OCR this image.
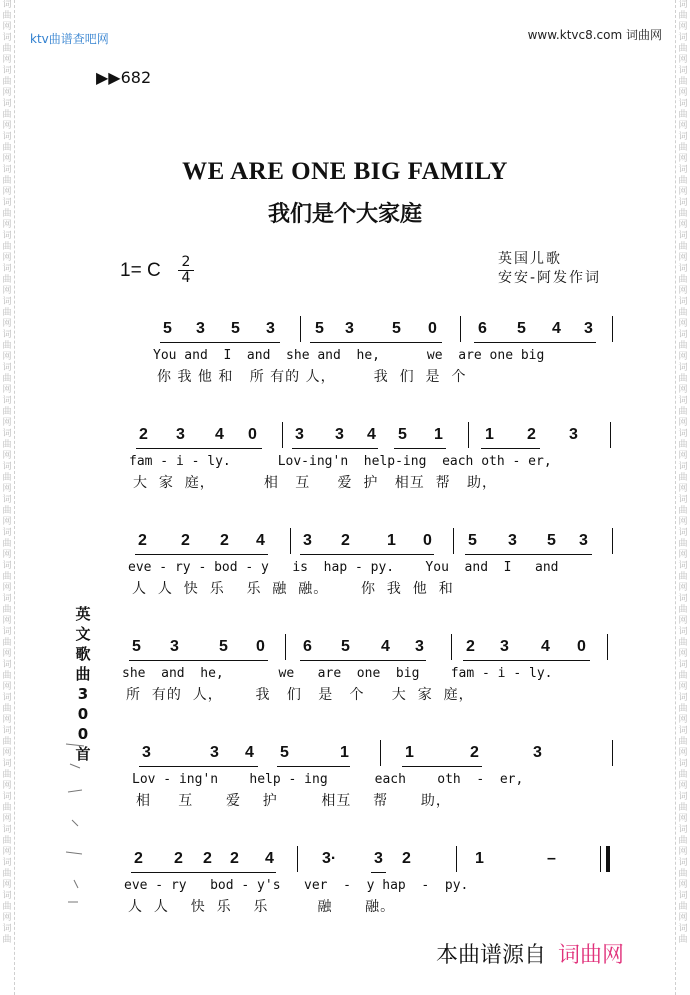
词
曲
网
词
曲
网
词
曲
网
词
曲
网
词
曲
网
词
曲
网
词
曲
网
词
曲
网
词
曲
网
词
曲
网
词
曲
网
词
曲
网
词
曲
网
词
曲
网
词
曲
网
词
曲
网
词
曲
网
词
曲
网
词
曲
网
词
曲
网
词
曲
网
词
曲
网
词
曲
网
词
曲
网
词
曲
网
词
曲
网
词
曲
网
词
曲
网
词
曲
词
曲
网
词
曲
网
词
曲
网
词
曲
网
词
曲
网
词
曲
网
词
曲
网
词
曲
网
词
曲
网
词
曲
网
词
曲
网
词
曲
网
词
曲
网
词
曲
网
词
曲
网
词
曲
网
词
曲
网
词
曲
网
词
曲
网
词
曲
网
词
曲
网
词
曲
网
词
曲
网
词
曲
网
词
曲
网
词
曲
网
词
曲
网
词
曲
网
词
曲
ktv曲谱查吧网	www.ktvc8.com 词曲网
▶▶682
WE ARE ONE BIG FAMILY
我们是个大家庭
1= C 2
4
英国儿歌
安安-阿发作词
英
文
歌
曲
3
0
0
首
5 3 5 3	5 3 5 0	6 5 4 3
You and  I  and  she and  he,      we  are one big
你 我 他 和   所 有的 人，       我  们  是  个
2 3 4 0 3 3 4 5 1	1 2 3
fam - i - ly.      Lov-ing'n  help-ing  each oth - er,
大  家  庭，         相   互     爱  护   相互  帮   助，
2 2 2 4 3 2 1 0 5 3 5 3
eve - ry - bod - y   is  hap - py.    You  and  I   and
人  人  快  乐    乐  融  融。      你  我  他  和
5 3	5 0 6 5 4 3	2 3 4 0
she  and  he,       we   are  one  big    fam - i - ly.
所  有的  人，      我   们   是   个     大  家  庭，
3	3 4 5	1	1	2	3
Lov - ing'n    help - ing      each    oth  -  er,
相     互      爱    护        相互    帮      助，
2 2 2 2 4	3· 3 2	1	–
eve - ry   bod - y's   ver  -  y hap  -  py.
人  人    快  乐    乐         融      融。
本曲谱源自 词曲网
